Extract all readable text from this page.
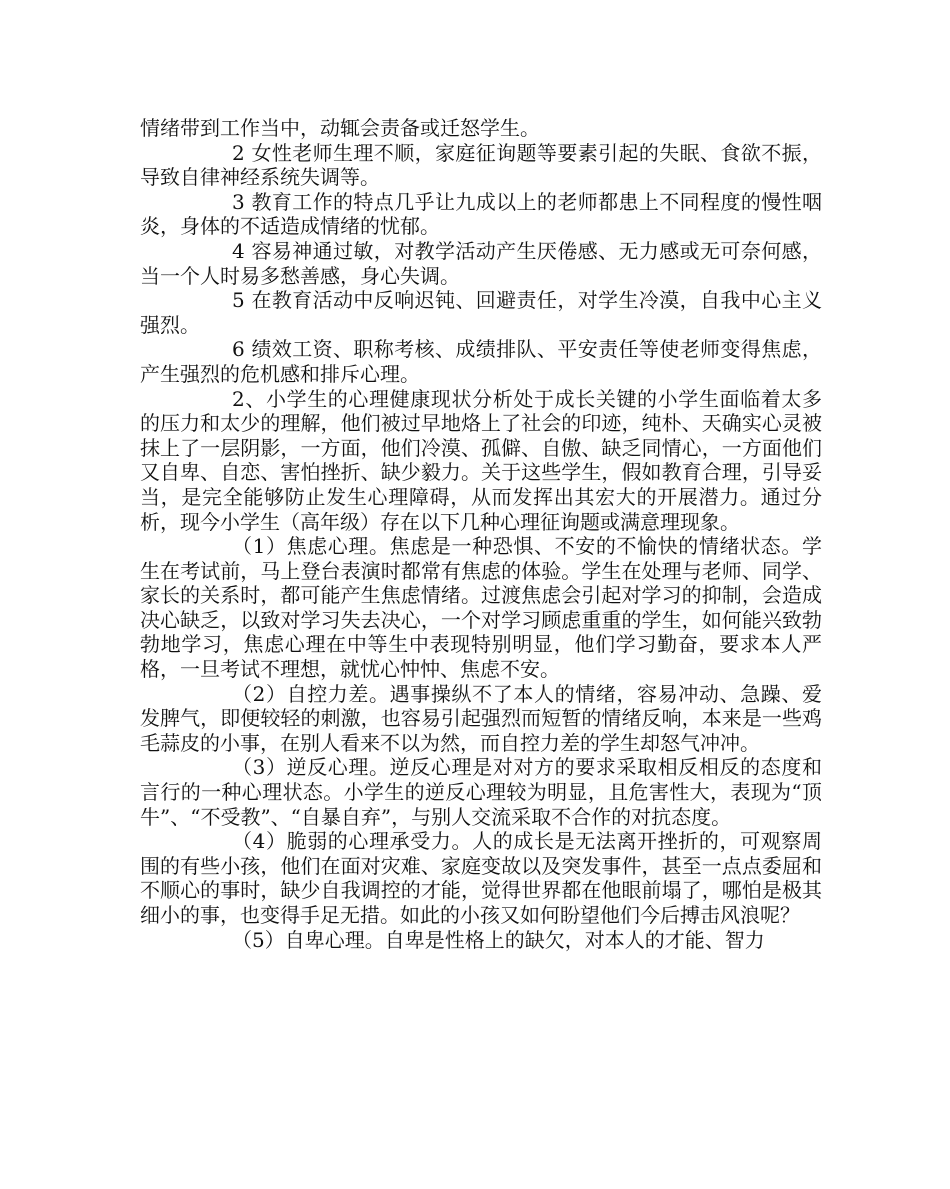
情绪带到工作当中，动辄会责备或迁怒学生。

2 女性老师生理不顺，家庭征询题等要素引起的失眠、食欲不振，导致自律神经系统失调等。

3 教育工作的特点几乎让九成以上的老师都患上不同程度的慢性咽炎，身体的不适造成情绪的忧郁。

4 容易神通过敏，对教学活动产生厌倦感、无力感或无可奈何感，当一个人时易多愁善感，身心失调。

5 在教育活动中反响迟钝、回避责任，对学生冷漠，自我中心主义强烈。

6 绩效工资、职称考核、成绩排队、平安责任等使老师变得焦虑，产生强烈的危机感和排斥心理。

2、小学生的心理健康现状分析处于成长关键的小学生面临着太多的压力和太少的理解，他们被过早地烙上了社会的印迹，纯朴、天确实心灵被抹上了一层阴影，一方面，他们冷漠、孤僻、自傲、缺乏同情心，一方面他们又自卑、自恋、害怕挫折、缺少毅力。关于这些学生，假如教育合理，引导妥当，是完全能够防止发生心理障碍，从而发挥出其宏大的开展潜力。通过分析，现今小学生（高年级）存在以下几种心理征询题或满意理现象。

（1）焦虑心理。焦虑是一种恐惧、不安的不愉快的情绪状态。学生在考试前，马上登台表演时都常有焦虑的体验。学生在处理与老师、同学、家长的关系时，都可能产生焦虑情绪。过渡焦虑会引起对学习的抑制，会造成决心缺乏，以致对学习失去决心，一个对学习顾虑重重的学生，如何能兴致勃勃地学习，焦虑心理在中等生中表现特别明显，他们学习勤奋，要求本人严格，一旦考试不理想，就忧心忡忡、焦虑不安。

（2）自控力差。遇事操纵不了本人的情绪，容易冲动、急躁、爱发脾气，即便较轻的刺激，也容易引起强烈而短暂的情绪反响，本来是一些鸡毛蒜皮的小事，在别人看来不以为然，而自控力差的学生却怒气冲冲。

（3）逆反心理。逆反心理是对对方的要求采取相反相反的态度和言行的一种心理状态。小学生的逆反心理较为明显，且危害性大，表现为“顶牛”、“不受教”、“自暴自弃”，与别人交流采取不合作的对抗态度。

（4）脆弱的心理承受力。人的成长是无法离开挫折的，可观察周围的有些小孩，他们在面对灾难、家庭变故以及突发事件，甚至一点点委屈和不顺心的事时，缺少自我调控的才能，觉得世界都在他眼前塌了，哪怕是极其细小的事，也变得手足无措。如此的小孩又如何盼望他们今后搏击风浪呢？

（5）自卑心理。自卑是性格上的缺欠，对本人的才能、智力
